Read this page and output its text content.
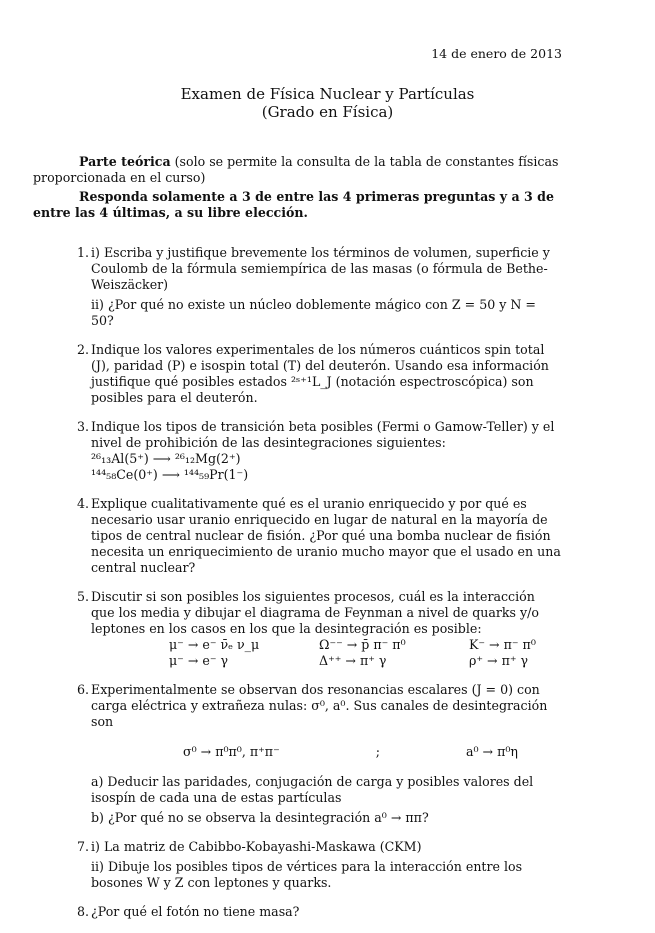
14 de enero de 2013
Examen de Física Nuclear y Partículas
(Grado en Física)

Parte teórica (solo se permite la consulta de la tabla de constantes físicas proporcionada en el curso)

Responda solamente a 3 de entre las 4 primeras preguntas y a 3 de entre las 4 últimas, a su libre elección.

1. i) Escriba y justifique brevemente los términos de volumen, superficie y Coulomb de la fórmula semiempírica de las masas (o fórmula de Bethe-Weiszäcker)
ii) ¿Por qué no existe un núcleo doblemente mágico con Z = 50 y N = 50?
2. Indique los valores experimentales de los números cuánticos spin total (J), paridad (P) e isospin total (T) del deuterón. Usando esa información justifique qué posibles estados ²ˢ⁺¹L_J (notación espectroscópica) son posibles para el deuterón.
3. Indique los tipos de transición beta posibles (Fermi o Gamow-Teller) y el nivel de prohibición de las desintegraciones siguientes:
²⁶₁₃Al(5⁺) ⟶ ²⁶₁₂Mg(2⁺)
¹⁴⁴₅₈Ce(0⁺) ⟶ ¹⁴⁴₅₉Pr(1⁻)
4. Explique cualitativamente qué es el uranio enriquecido y por qué es necesario usar uranio enriquecido en lugar de natural en la mayoría de tipos de central nuclear de fisión. ¿Por qué una bomba nuclear de fisión necesita un enriquecimiento de uranio mucho mayor que el usado en una central nuclear?
5. Discutir si son posibles los siguientes procesos, cuál es la interacción que los media y dibujar el diagrama de Feynman a nivel de quarks y/o leptones en los casos en los que la desintegración es posible:
μ⁻ → e⁻ ν̄ₑ ν_μ	Ω⁻⁻ → p̄ π⁻ π⁰	K⁻ → π⁻ π⁰
μ⁻ → e⁻ γ	Δ⁺⁺ → π⁺ γ	ρ⁺ → π⁺ γ
6. Experimentalmente se observan dos resonancias escalares (J = 0) con carga eléctrica y extrañeza nulas: σ⁰, a⁰. Sus canales de desintegración son
σ⁰ → π⁰π⁰, π⁺π⁻	;	a⁰ → π⁰η
a) Deducir las paridades, conjugación de carga y posibles valores del isospín de cada una de estas partículas
b) ¿Por qué no se observa la desintegración a⁰ → ππ?
7. i) La matriz de Cabibbo-Kobayashi-Maskawa (CKM)
ii) Dibuje los posibles tipos de vértices para la interacción entre los bosones W y Z con leptones y quarks.
8. ¿Por qué el fotón no tiene masa?
